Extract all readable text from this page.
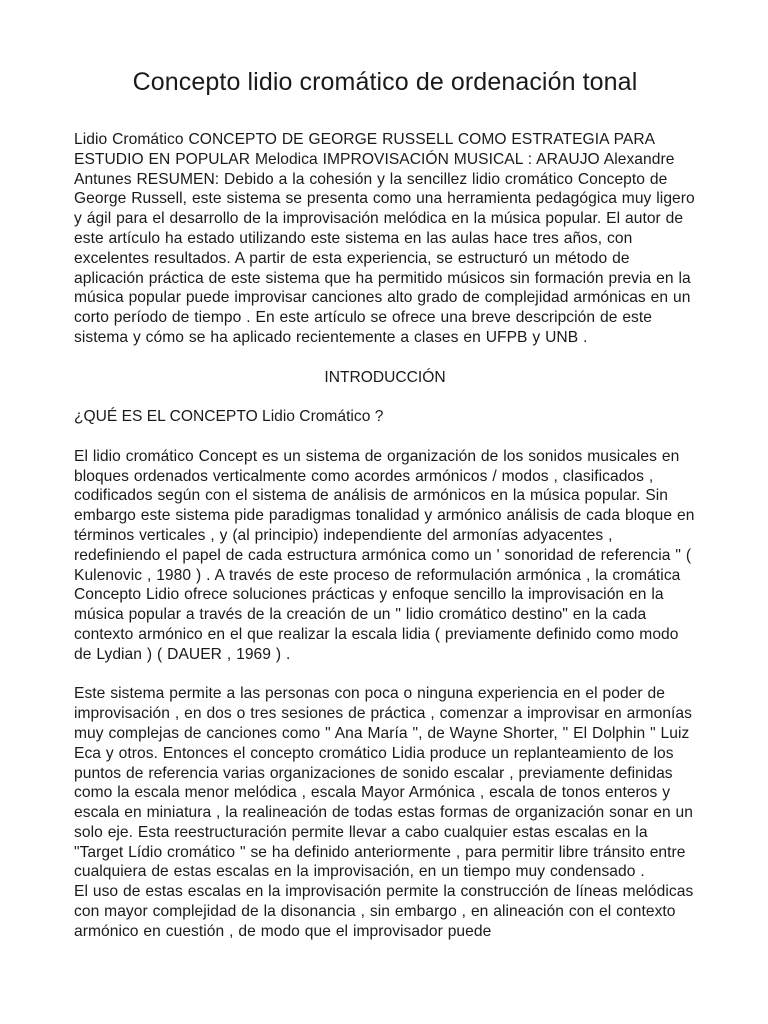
Concepto lidio cromático de ordenación tonal

Lidio Cromático CONCEPTO DE GEORGE RUSSELL COMO ESTRATEGIA PARA ESTUDIO EN POPULAR Melodica IMPROVISACIÓN MUSICAL : ARAUJO Alexandre Antunes RESUMEN: Debido a la cohesión y la sencillez lidio cromático Concepto de George Russell, este sistema se presenta como una herramienta pedagógica muy ligero y ágil para el desarrollo de la improvisación melódica en la música popular. El autor de este artículo ha estado utilizando este sistema en las aulas hace tres años, con excelentes resultados. A partir de esta experiencia, se estructuró un método de aplicación práctica de este sistema que ha permitido músicos sin formación previa en la música popular puede improvisar canciones alto grado de complejidad armónicas en un corto período de tiempo . En este artículo se ofrece una breve descripción de este sistema y cómo se ha aplicado recientemente a clases en UFPB y UNB .

INTRODUCCIÓN

¿QUÉ ES EL CONCEPTO Lidio Cromático ?

El lidio cromático Concept es un sistema de organización de los sonidos musicales en bloques ordenados verticalmente como acordes armónicos / modos , clasificados , codificados según con el sistema de análisis de armónicos en la música popular. Sin embargo este sistema pide paradigmas tonalidad y armónico análisis de cada bloque en términos verticales , y (al principio) independiente del armonías adyacentes , redefiniendo el papel de cada estructura armónica como un ' sonoridad de referencia " ( Kulenovic , 1980 ) . A través de este proceso de reformulación armónica , la cromática Concepto Lidio ofrece soluciones prácticas y enfoque sencillo la improvisación en la música popular a través de la creación de un " lidio cromático destino" en la cada contexto armónico en el que realizar la escala lidia ( previamente definido como modo de Lydian ) ( DAUER , 1969 ) .

Este sistema permite a las personas con poca o ninguna experiencia en el poder de improvisación , en dos o tres sesiones de práctica , comenzar a improvisar en armonías muy complejas de canciones como " Ana María ", de Wayne Shorter, " El Dolphin " Luiz Eca y otros. Entonces el concepto cromático Lidia produce un replanteamiento de los puntos de referencia varias organizaciones de sonido escalar , previamente definidas como la escala menor melódica , escala Mayor Armónica , escala de tonos enteros y escala en miniatura , la realineación de todas estas formas de organización sonar en un solo eje. Esta reestructuración permite llevar a cabo cualquier estas escalas en la "Target Lídio cromático " se ha definido anteriormente , para permitir libre tránsito entre cualquiera de estas escalas en la improvisación, en un tiempo muy condensado .

El uso de estas escalas en la improvisación permite la construcción de líneas melódicas con mayor complejidad de la disonancia , sin embargo , en alineación con el contexto armónico en cuestión , de modo que el improvisador puede
